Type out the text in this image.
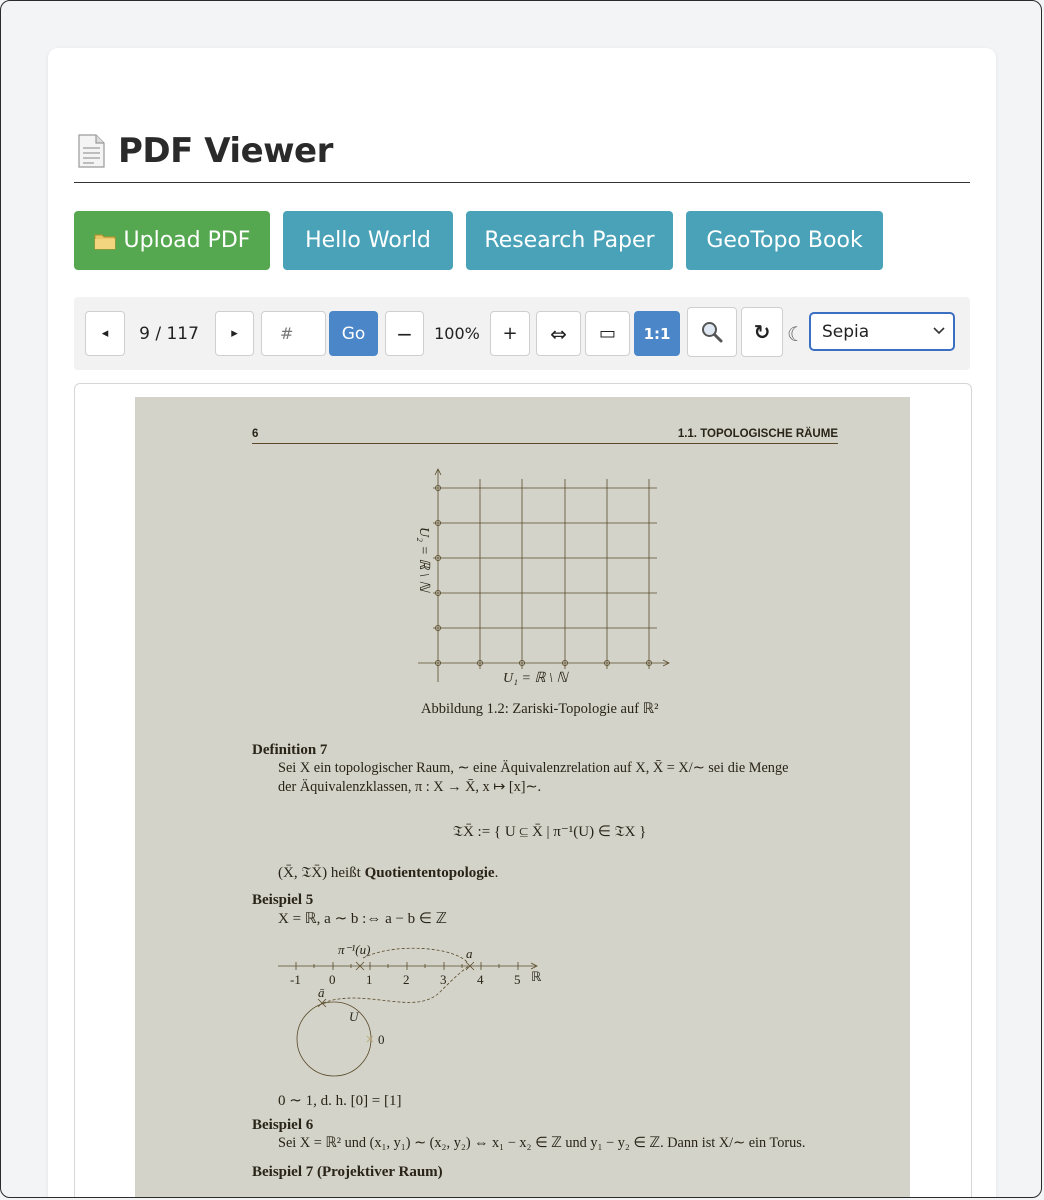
PDF Viewer
Upload PDF Hello World Research Paper GeoTopo Book
◂ 9 / 117	▸
#	Go	−	100%	+	⇔	▭	1:1	↻ ☾ Sepia
6	1.1. TOPOLOGISCHE RÄUME
U₂ = ℝ \ ℕ
U₁ = ℝ \ ℕ
Abbildung 1.2: Zariski-Topologie auf ℝ²
Definition 7
Sei X ein topologischer Raum, ∼ eine Äquivalenzrelation auf X, X̄ = X/∼ sei die Menge
der Äquivalenzklassen, π : X → X̄, x ↦ [x]∼.
𝔗X̄ := { U ⊆ X̄ | π⁻¹(U) ∈ 𝔗X }
(X̄, 𝔗X̄) heißt Quotiententopologie.
Beispiel 5
X = ℝ, a ∼ b :⇔ a − b ∈ ℤ
π⁻¹(u)	a
-1 0 1 2 3 4 5 ℝ
ā
U
0
0 ∼ 1, d. h. [0] = [1]
Beispiel 6
Sei X = ℝ² und (x₁, y₁) ∼ (x₂, y₂) ⇔ x₁ − x₂ ∈ ℤ und y₁ − y₂ ∈ ℤ. Dann ist X/∼ ein Torus.
Beispiel 7 (Projektiver Raum)
